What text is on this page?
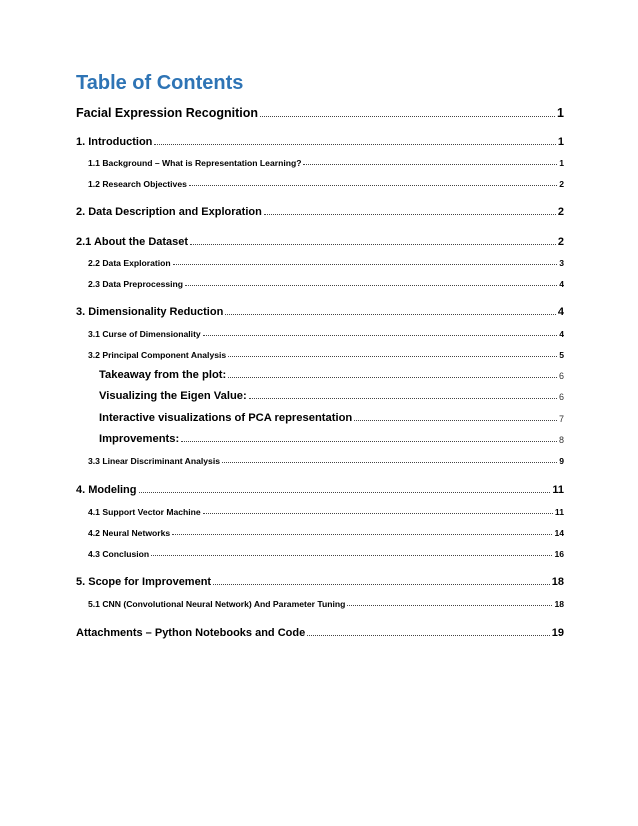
Table of Contents
Facial Expression Recognition	1
1. Introduction	1
1.1 Background – What is Representation Learning?	1
1.2 Research Objectives	2
2. Data Description and Exploration	2
2.1 About the Dataset	2
2.2 Data Exploration	3
2.3 Data Preprocessing	4
3. Dimensionality Reduction	4
3.1 Curse of Dimensionality	4
3.2 Principal Component Analysis	5
Takeaway from the plot:	6
Visualizing the Eigen Value:	6
Interactive visualizations of PCA representation	7
Improvements:	8
3.3 Linear Discriminant Analysis	9
4. Modeling	11
4.1 Support Vector Machine	11
4.2 Neural Networks	14
4.3 Conclusion	16
5. Scope for Improvement	18
5.1 CNN (Convolutional Neural Network) And Parameter Tuning	18
Attachments – Python Notebooks and Code	19
